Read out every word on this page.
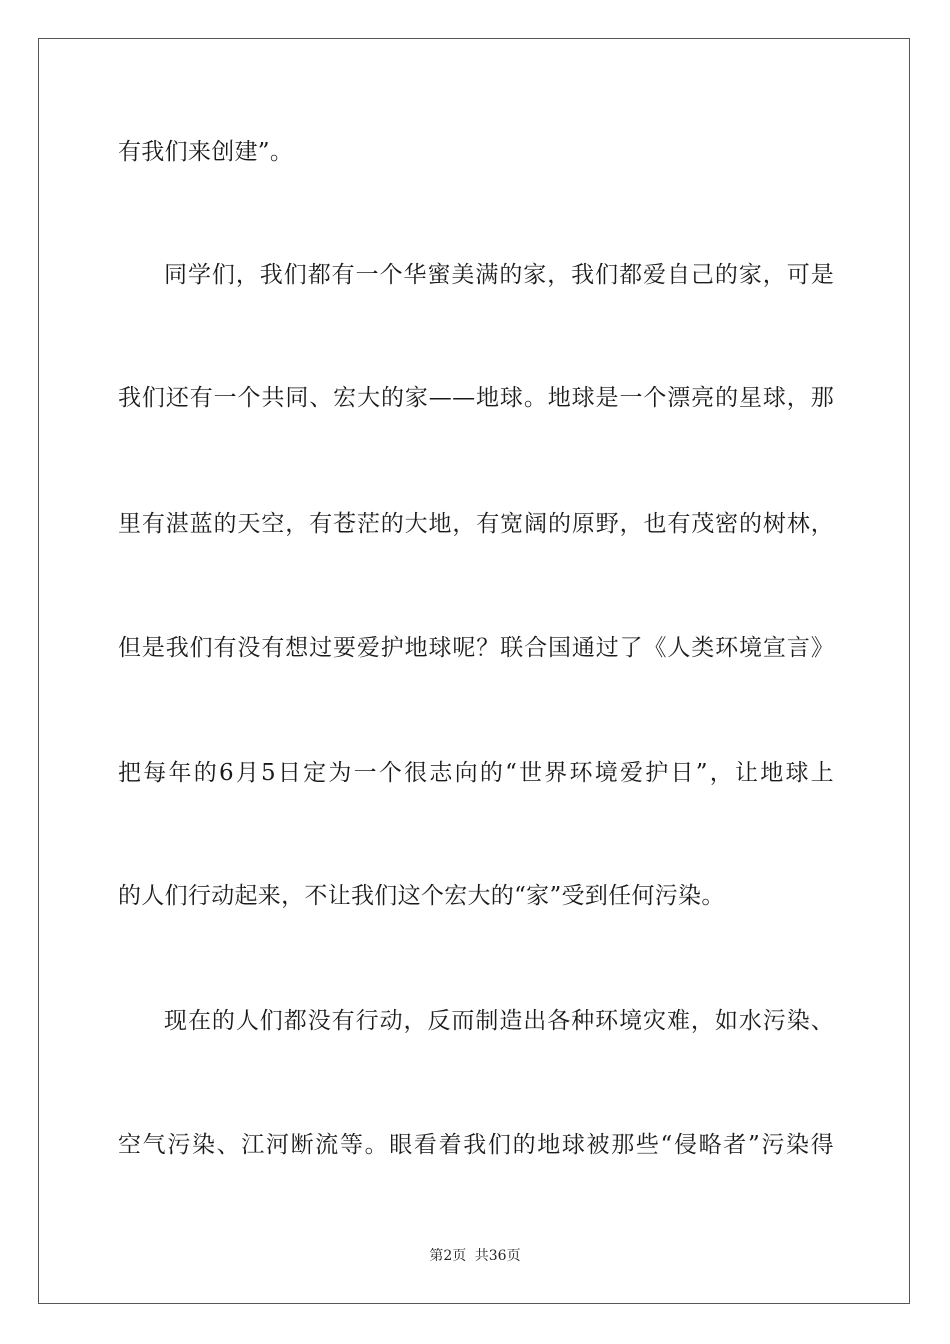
有我们来创建”。
同学们，我们都有一个华蜜美满的家，我们都爱自己的家，可是
我们还有一个共同、宏大的家——地球。地球是一个漂亮的星球，那
里有湛蓝的天空，有苍茫的大地，有宽阔的原野，也有茂密的树林，
但是我们有没有想过要爱护地球呢？联合国通过了《人类环境宣言》
把每年的6月5日定为一个很志向的“世界环境爱护日”，让地球上
的人们行动起来，不让我们这个宏大的“家”受到任何污染。
现在的人们都没有行动，反而制造出各种环境灾难，如水污染、
空气污染、江河断流等。眼看着我们的地球被那些“侵略者”污染得
第2页 共36页
